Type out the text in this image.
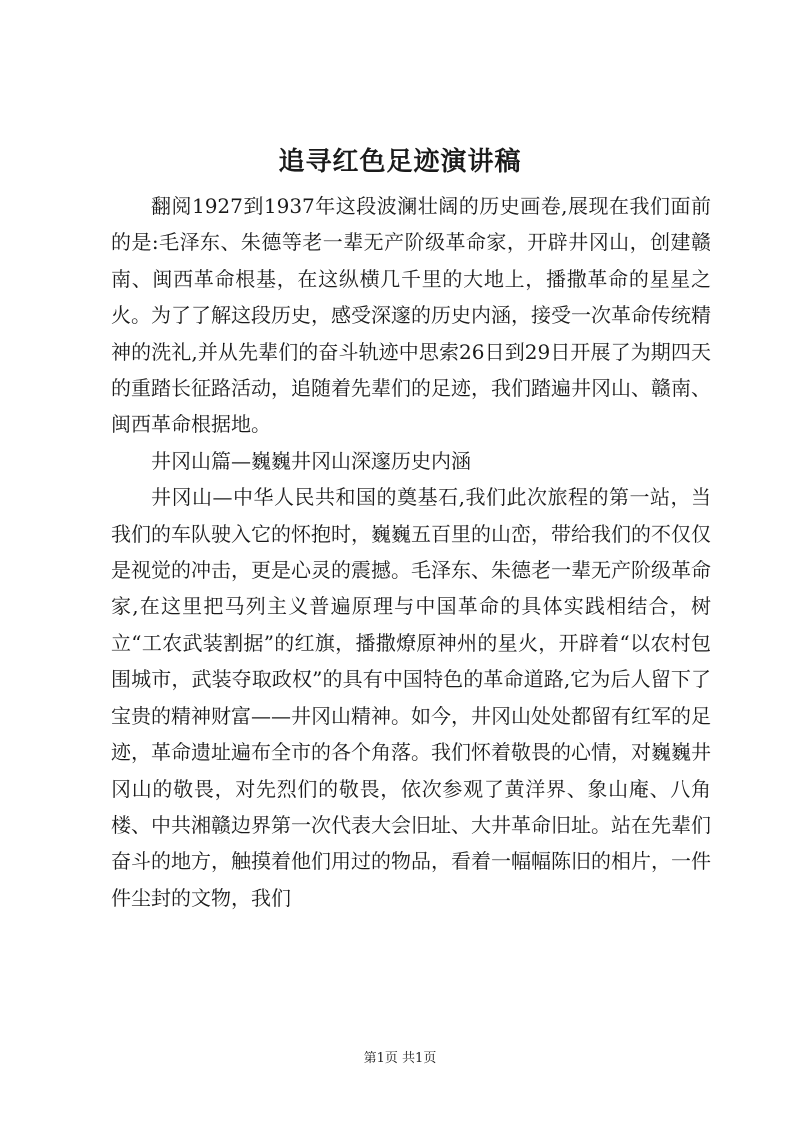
追寻红色足迹演讲稿

翻阅1927到1937年这段波澜壮阔的历史画卷,展现在我们面前的是:毛泽东、朱德等老一辈无产阶级革命家，开辟井冈山，创建赣南、闽西革命根基，在这纵横几千里的大地上，播撒革命的星星之火。为了了解这段历史，感受深邃的历史内涵，接受一次革命传统精神的洗礼,并从先辈们的奋斗轨迹中思索26日到29日开展了为期四天的重踏长征路活动，追随着先辈们的足迹，我们踏遍井冈山、赣南、闽西革命根据地。

井冈山篇—巍巍井冈山深邃历史内涵

井冈山—中华人民共和国的奠基石,我们此次旅程的第一站，当我们的车队驶入它的怀抱时，巍巍五百里的山峦，带给我们的不仅仅是视觉的冲击，更是心灵的震撼。毛泽东、朱德老一辈无产阶级革命家,在这里把马列主义普遍原理与中国革命的具体实践相结合，树立“工农武装割据”的红旗，播撒燎原神州的星火，开辟着“以农村包围城市，武装夺取政权”的具有中国特色的革命道路,它为后人留下了宝贵的精神财富——井冈山精神。如今，井冈山处处都留有红军的足迹，革命遗址遍布全市的各个角落。我们怀着敬畏的心情，对巍巍井冈山的敬畏，对先烈们的敬畏，依次参观了黄洋界、象山庵、八角楼、中共湘赣边界第一次代表大会旧址、大井革命旧址。站在先辈们奋斗的地方，触摸着他们用过的物品，看着一幅幅陈旧的相片，一件件尘封的文物，我们

第1页 共1页
